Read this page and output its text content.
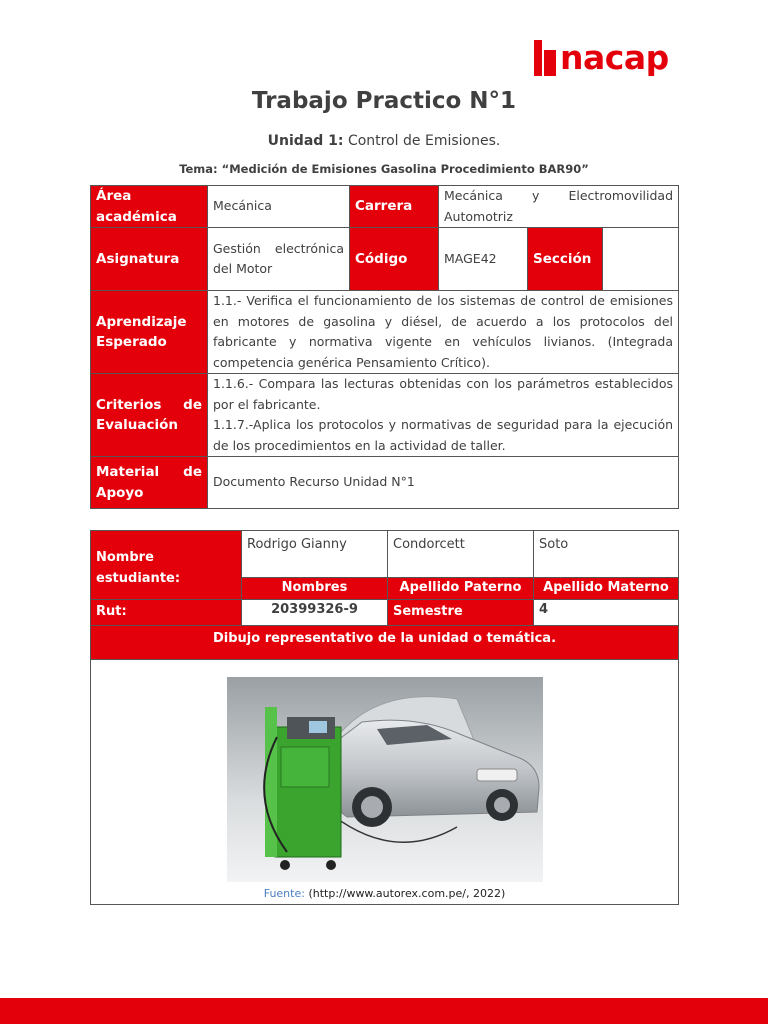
nacap
Trabajo Practico N°1
Unidad 1: Control de Emisiones.
Tema: “Medición de Emisiones Gasolina Procedimiento BAR90”
Área académica	Mecánica	Carrera	Mecánica y Electromovilidad Automotriz		
Asignatura	Gestión electrónica del Motor	Código	MAGE42	Sección	
Aprendizaje Esperado	1.1.- Verifica el funcionamiento de los sistemas de control de emisiones en motores de gasolina y diésel, de acuerdo a los protocolos del fabricante y normativa vigente en vehículos livianos. (Integrada competencia genérica Pensamiento Crítico).				
Criterios de Evaluación	1.1.6.- Compara las lecturas obtenidas con los parámetros establecidos por el fabricante.
1.1.7.-Aplica los protocolos y normativas de seguridad para la ejecución de los procedimientos en la actividad de taller.				

Material de Apoyo	Documento Recurso Unidad N°1				
Nombre estudiante:	Rodrigo Gianny	Condorcett	Soto
	Nombres	Apellido Paterno	Apellido Materno
Rut:	20399326-9	Semestre	4
Dibujo representativo de la unidad o temática.			

Fuente: (http://www.autorex.com.pe/, 2022)			
